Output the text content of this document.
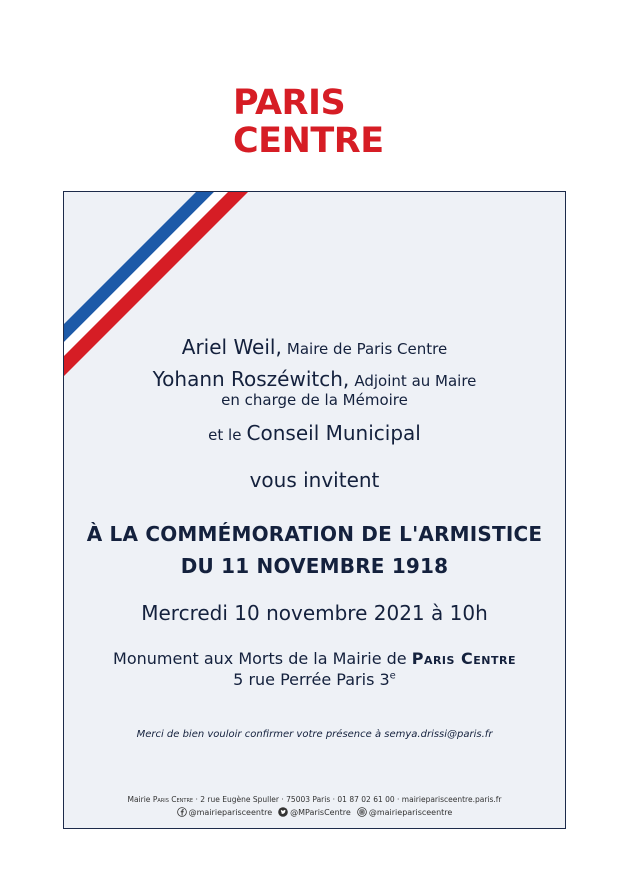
PARIS
CENTRE
Ariel Weil, Maire de Paris Centre
Yohann Roszéwitch, Adjoint au Maire
en charge de la Mémoire
et le Conseil Municipal
vous invitent
À LA COMMÉMORATION DE L'ARMISTICE
DU 11 NOVEMBRE 1918
Mercredi 10 novembre 2021 à 10h
Monument aux Morts de la Mairie de Paris Centre
5 rue Perrée Paris 3e
Merci de bien vouloir confirmer votre présence à semya.drissi@paris.fr
Mairie Paris Centre · 2 rue Eugène Spuller · 75003 Paris · 01 87 02 61 00 · mairieparisceentre.paris.fr
@mairieparisceentre @MParisCentre @mairieparisceentre
